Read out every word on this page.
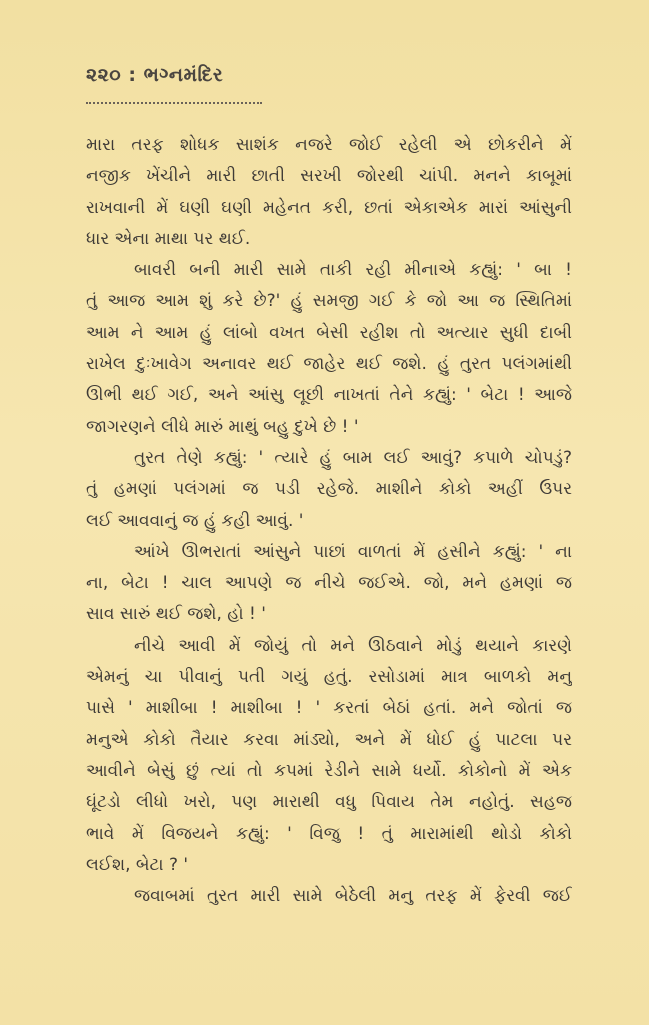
૨૨૦ : ભગ્નમંદિર
મારા તરફ શોધક સાશંક નજરે જોઈ રહેલી એ છોકરીને મેં
નજીક ખેંચીને મારી છાતી સરખી જોરથી ચાંપી. મનને કાબૂમાં
રાખવાની મેં ઘણી ઘણી મહેનત કરી, છતાં એકાએક મારાં આંસુની
ધાર એના માથા પર થઈ.
બાવરી બની મારી સામે તાકી રહી મીનાએ કહ્યું: ' બા !
તું આજ આમ શું કરે છે?' હું સમજી ગઈ કે જો આ જ સ્થિતિમાં
આમ ને આમ હું લાંબો વખત બેસી રહીશ તો અત્યાર સુધી દાબી
રાખેલ દુઃખાવેગ અનાવર થઈ જાહેર થઈ જશે. હું તુરત પલંગમાંથી
ઊભી થઈ ગઈ, અને આંસુ લૂછી નાખતાં તેને કહ્યું: ' બેટા ! આજે
જાગરણને લીધે મારું માથું બહુ દુખે છે ! '
તુરત તેણે કહ્યું: ' ત્યારે હું બામ લઈ આવું? કપાળે ચોપડું?
તું હમણાં પલંગમાં જ પડી રહેજે. માશીને કોકો અહીં ઉપર
લઈ આવવાનું જ હું કહી આવું. '
આંખે ઊભરાતાં આંસુને પાછાં વાળતાં મેં હસીને કહ્યું: ' ના
ના, બેટા ! ચાલ આપણે જ નીચે જઈએ. જો, મને હમણાં જ
સાવ સારું થઈ જશે, હો ! '
નીચે આવી મેં જોયું તો મને ઊઠવાને મોડું થયાને કારણે
એમનું ચા પીવાનું પતી ગયું હતું. રસોડામાં માત્ર બાળકો મનુ
પાસે ' માશીબા ! માશીબા ! ' કરતાં બેઠાં હતાં. મને જોતાં જ
મનુએ કોકો તૈયાર કરવા માંડ્યો, અને મેં ધોઈ હું પાટલા પર
આવીને બેસું છું ત્યાં તો કપમાં રેડીને સામે ધર્યો. કોકોનો મેં એક
ઘૂંટડો લીધો ખરો, પણ મારાથી વધુ પિવાય તેમ નહોતું. સહજ
ભાવે મેં વિજયને કહ્યું: ' વિજુ ! તું મારામાંથી થોડો કોકો
લઈશ, બેટા ? '
જવાબમાં તુરત મારી સામે બેઠેલી મનુ તરફ મેં ફેરવી જઈ
